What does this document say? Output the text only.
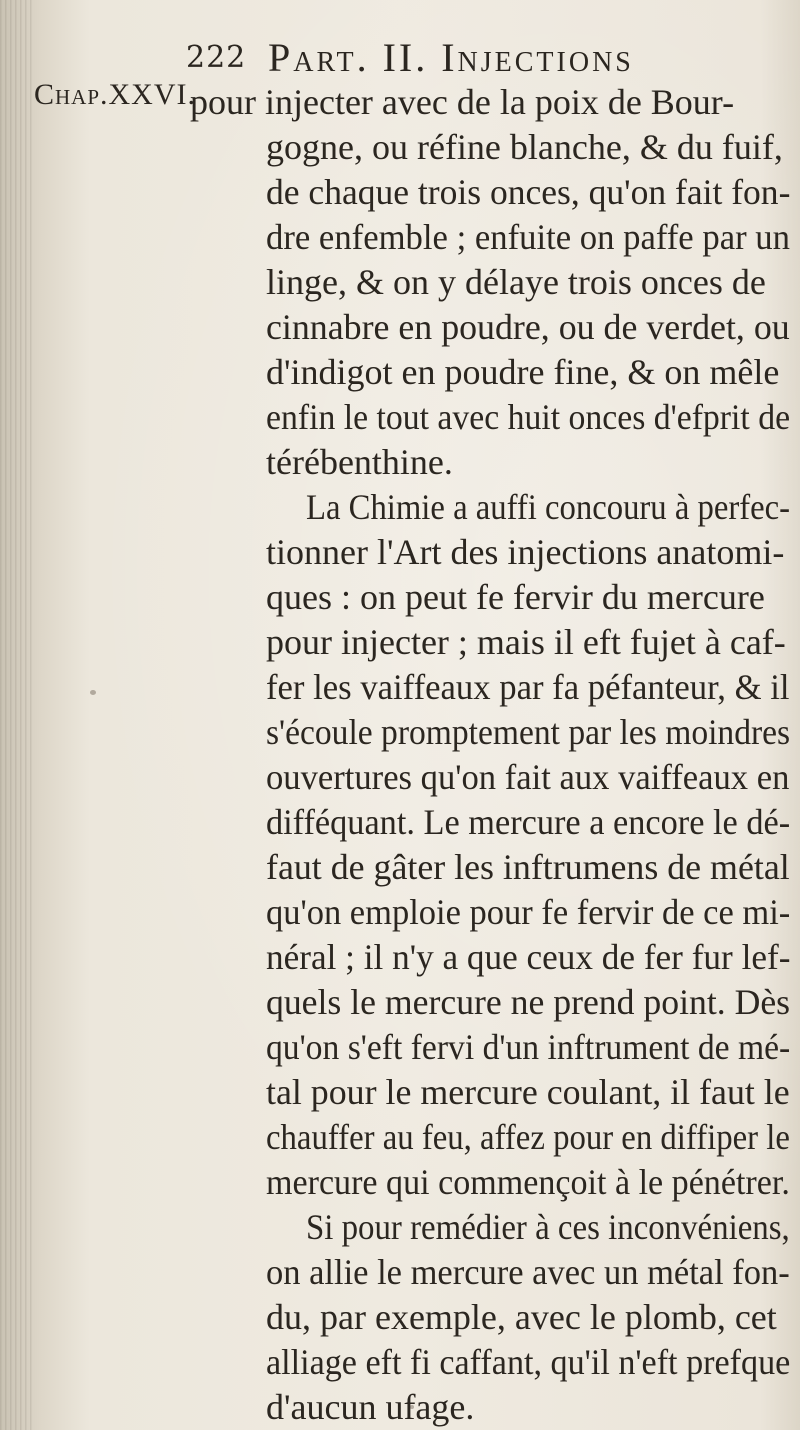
222 Part. II. Injections
Chap.XXVI.
pour injecter avec de la poix de Bour-
gogne, ou réfine blanche, & du fuif,
de chaque trois onces, qu'on fait fon-
dre enfemble ; enfuite on paffe par un
linge, & on y délaye trois onces de
cinnabre en poudre, ou de verdet, ou
d'indigot en poudre fine, & on mêle
enfin le tout avec huit onces d'efprit de
térébenthine.
La Chimie a auffi concouru à perfec-
tionner l'Art des injections anatomi-
ques : on peut fe fervir du mercure
pour injecter ; mais il eft fujet à caf-
fer les vaiffeaux par fa péfanteur, & il
s'écoule promptement par les moindres
ouvertures qu'on fait aux vaiffeaux en
difféquant. Le mercure a encore le dé-
faut de gâter les inftrumens de métal
qu'on emploie pour fe fervir de ce mi-
néral ; il n'y a que ceux de fer fur lef-
quels le mercure ne prend point. Dès
qu'on s'eft fervi d'un inftrument de mé-
tal pour le mercure coulant, il faut le
chauffer au feu, affez pour en diffiper le
mercure qui commençoit à le pénétrer.
Si pour remédier à ces inconvéniens,
on allie le mercure avec un métal fon-
du, par exemple, avec le plomb, cet
alliage eft fi caffant, qu'il n'eft prefque
d'aucun ufage.
